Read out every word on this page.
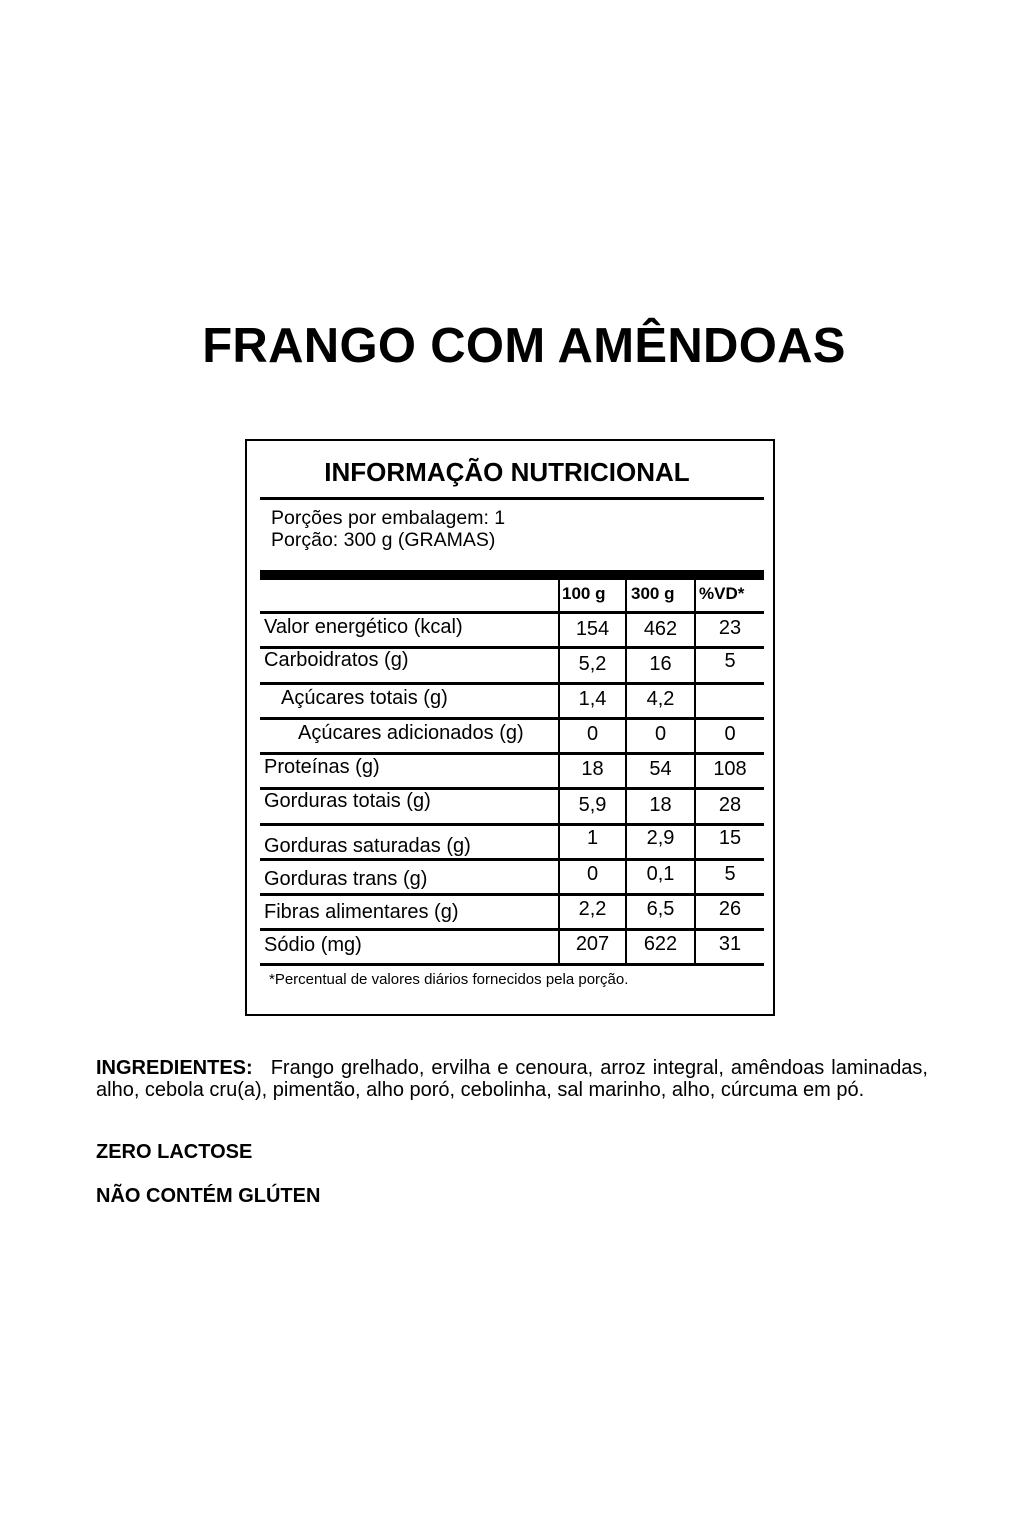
FRANGO COM AMÊNDOAS
INFORMAÇÃO NUTRICIONAL
Porções por embalagem: 1
Porção: 300 g (GRAMAS)
100 g 300 g %VD*
Valor energético (kcal)	154	462	23
Carboidratos (g)	5,2	16	5
Açúcares totais (g)	1,4	4,2
Açúcares adicionados (g)	0	0	0
Proteínas (g)	18	54	108
Gorduras totais (g)	5,9	18	28
Gorduras saturadas (g)	1	2,9	15
Gorduras trans (g)	0	0,1	5
Fibras alimentares (g)	2,2	6,5	26
Sódio (mg)	207	622	31
*Percentual de valores diários fornecidos pela porção.

INGREDIENTES: Frango grelhado, ervilha e cenoura, arroz integral, amêndoas laminadas, alho, cebola cru(a), pimentão, alho poró, cebolinha, sal marinho, alho, cúrcuma em pó.

ZERO LACTOSE
NÃO CONTÉM GLÚTEN
